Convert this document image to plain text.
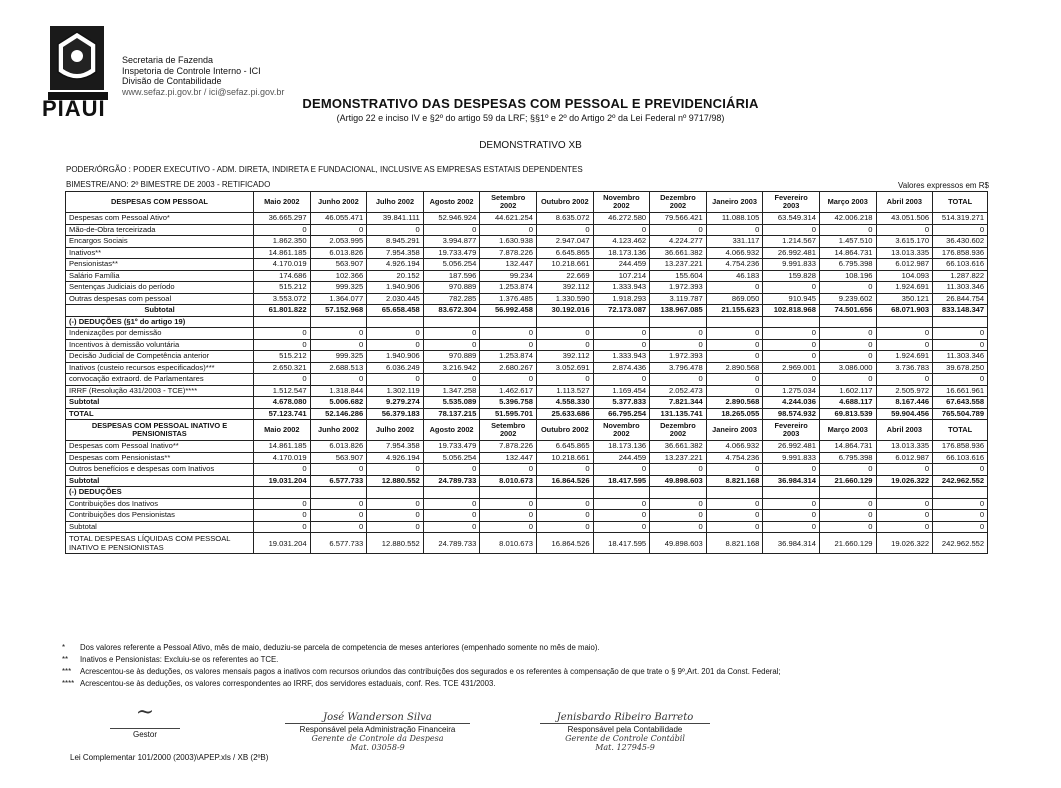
PIAUÍ
Secretaria de Fazenda
Inspetoria de Controle Interno - ICI
Divisão de Contabilidade
www.sefaz.pi.gov.br / ici@sefaz.pi.gov.br
DEMONSTRATIVO DAS DESPESAS COM PESSOAL E PREVIDENCIÁRIA
(Artigo 22 e inciso IV e §2º do artigo 59 da LRF; §§1º e 2º do Artigo 2º da Lei Federal nº 9717/98)
DEMONSTRATIVO XB
PODER/ÓRGÃO : PODER EXECUTIVO - ADM. DIRETA, INDIRETA E FUNDACIONAL, INCLUSIVE AS EMPRESAS ESTATAIS DEPENDENTES
BIMESTRE/ANO: 2º BIMESTRE DE 2003 - RETIFICADO	Valores expressos em R$
DESPESAS COM PESSOAL	Maio 2002	Junho 2002	Julho 2002	Agosto 2002	Setembro 2002	Outubro 2002	Novembro 2002	Dezembro 2002	Janeiro 2003	Fevereiro 2003	Março 2003	Abril 2003	TOTAL
Despesas com Pessoal Ativo*	36.665.297	46.055.471	39.841.111	52.946.924	44.621.254	8.635.072	46.272.580	79.566.421	11.088.105	63.549.314	42.006.218	43.051.506	514.319.271
Mão-de-Obra terceirizada	0	0	0	0	0	0	0	0	0	0	0	0	0
Encargos Sociais	1.862.350	2.053.995	8.945.291	3.994.877	1.630.938	2.947.047	4.123.462	4.224.277	331.117	1.214.567	1.457.510	3.615.170	36.430.602
Inativos**	14.861.185	6.013.826	7.954.358	19.733.479	7.878.226	6.645.865	18.173.136	36.661.382	4.066.932	26.992.481	14.864.731	13.013.335	176.858.936
Pensionistas**	4.170.019	563.907	4.926.194	5.056.254	132.447	10.218.661	244.459	13.237.221	4.754.236	9.991.833	6.795.398	6.012.987	66.103.616
Salário Família	174.686	102.366	20.152	187.596	99.234	22.669	107.214	155.604	46.183	159.828	108.196	104.093	1.287.822
Sentenças Judiciais do período	515.212	999.325	1.940.906	970.889	1.253.874	392.112	1.333.943	1.972.393	0	0	0	1.924.691	11.303.346
Outras despesas com pessoal	3.553.072	1.364.077	2.030.445	782.285	1.376.485	1.330.590	1.918.293	3.119.787	869.050	910.945	9.239.602	350.121	26.844.754
Subtotal	61.801.822	57.152.968	65.658.458	83.672.304	56.992.458	30.192.016	72.173.087	138.967.085	21.155.623	102.818.968	74.501.656	68.071.903	833.148.347
(-) DEDUÇÕES (§1º do artigo 19)													
Indenizações por demissão	0	0	0	0	0	0	0	0	0	0	0	0	0
Incentivos à demissão voluntária	0	0	0	0	0	0	0	0	0	0	0	0	0
Decisão Judicial de Competência anterior	515.212	999.325	1.940.906	970.889	1.253.874	392.112	1.333.943	1.972.393	0	0	0	1.924.691	11.303.346
Inativos (custeio recursos especificados)***	2.650.321	2.688.513	6.036.249	3.216.942	2.680.267	3.052.691	2.874.436	3.796.478	2.890.568	2.969.001	3.086.000	3.736.783	39.678.250
convocação extraord. de Parlamentares	0	0	0	0	0	0	0	0	0	0	0	0	0
IRRF (Resolução 431/2003 - TCE)****	1.512.547	1.318.844	1.302.119	1.347.258	1.462.617	1.113.527	1.169.454	2.052.473	0	1.275.034	1.602.117	2.505.972	16.661.961
Subtotal	4.678.080	5.006.682	9.279.274	5.535.089	5.396.758	4.558.330	5.377.833	7.821.344	2.890.568	4.244.036	4.688.117	8.167.446	67.643.558
TOTAL	57.123.741	52.146.286	56.379.183	78.137.215	51.595.701	25.633.686	66.795.254	131.135.741	18.265.055	98.574.932	69.813.539	59.904.456	765.504.789
DESPESAS COM PESSOAL INATIVO E PENSIONISTAS	Maio 2002	Junho 2002	Julho 2002	Agosto 2002	Setembro 2002	Outubro 2002	Novembro 2002	Dezembro 2002	Janeiro 2003	Fevereiro 2003	Março 2003	Abril 2003	TOTAL
Despesas com Pessoal Inativo**	14.861.185	6.013.826	7.954.358	19.733.479	7.878.226	6.645.865	18.173.136	36.661.382	4.066.932	26.992.481	14.864.731	13.013.335	176.858.936
Despesas com Pensionistas**	4.170.019	563.907	4.926.194	5.056.254	132.447	10.218.661	244.459	13.237.221	4.754.236	9.991.833	6.795.398	6.012.987	66.103.616
Outros benefícios e despesas com Inativos	0	0	0	0	0	0	0	0	0	0	0	0	0
Subtotal	19.031.204	6.577.733	12.880.552	24.789.733	8.010.673	16.864.526	18.417.595	49.898.603	8.821.168	36.984.314	21.660.129	19.026.322	242.962.552
(-) DEDUÇÕES													
Contribuições dos Inativos	0	0	0	0	0	0	0	0	0	0	0	0	0
Contribuições dos Pensionistas	0	0	0	0	0	0	0	0	0	0	0	0	0
Subtotal	0	0	0	0	0	0	0	0	0	0	0	0	0
TOTAL DESPESAS LÍQUIDAS COM PESSOAL INATIVO E PENSIONISTAS	19.031.204	6.577.733	12.880.552	24.789.733	8.010.673	16.864.526	18.417.595	49.898.603	8.821.168	36.984.314	21.660.129	19.026.322	242.962.552
* Dos valores referente a Pessoal Ativo, mês de maio, deduziu-se parcela de competencia de meses anteriores (empenhado somente no mês de maio).
** Inativos e Pensionistas: Excluiu-se os referentes ao TCE.
*** Acrescentou-se às deduções, os valores mensais pagos a inativos com recursos oriundos das contribuições dos segurados e os referentes à compensação de que trate o § 9º,Art. 201 da Const. Federal;
**** Acrescentou-se às deduções, os valores correspondentes ao IRRF, dos servidores estaduais, conf. Res. TCE 431/2003.
~
Gestor
José Wanderson Silva
Responsável pela Administração Financeira
Gerente de Controle da Despesa
Mat. 03058-9
Jenisbardo Ribeiro Barreto
Responsável pela Contabilidade
Gerente de Controle Contábil
Mat. 127945-9
Lei Complementar 101/2000 (2003)\APEP.xls / XB (2ºB)
